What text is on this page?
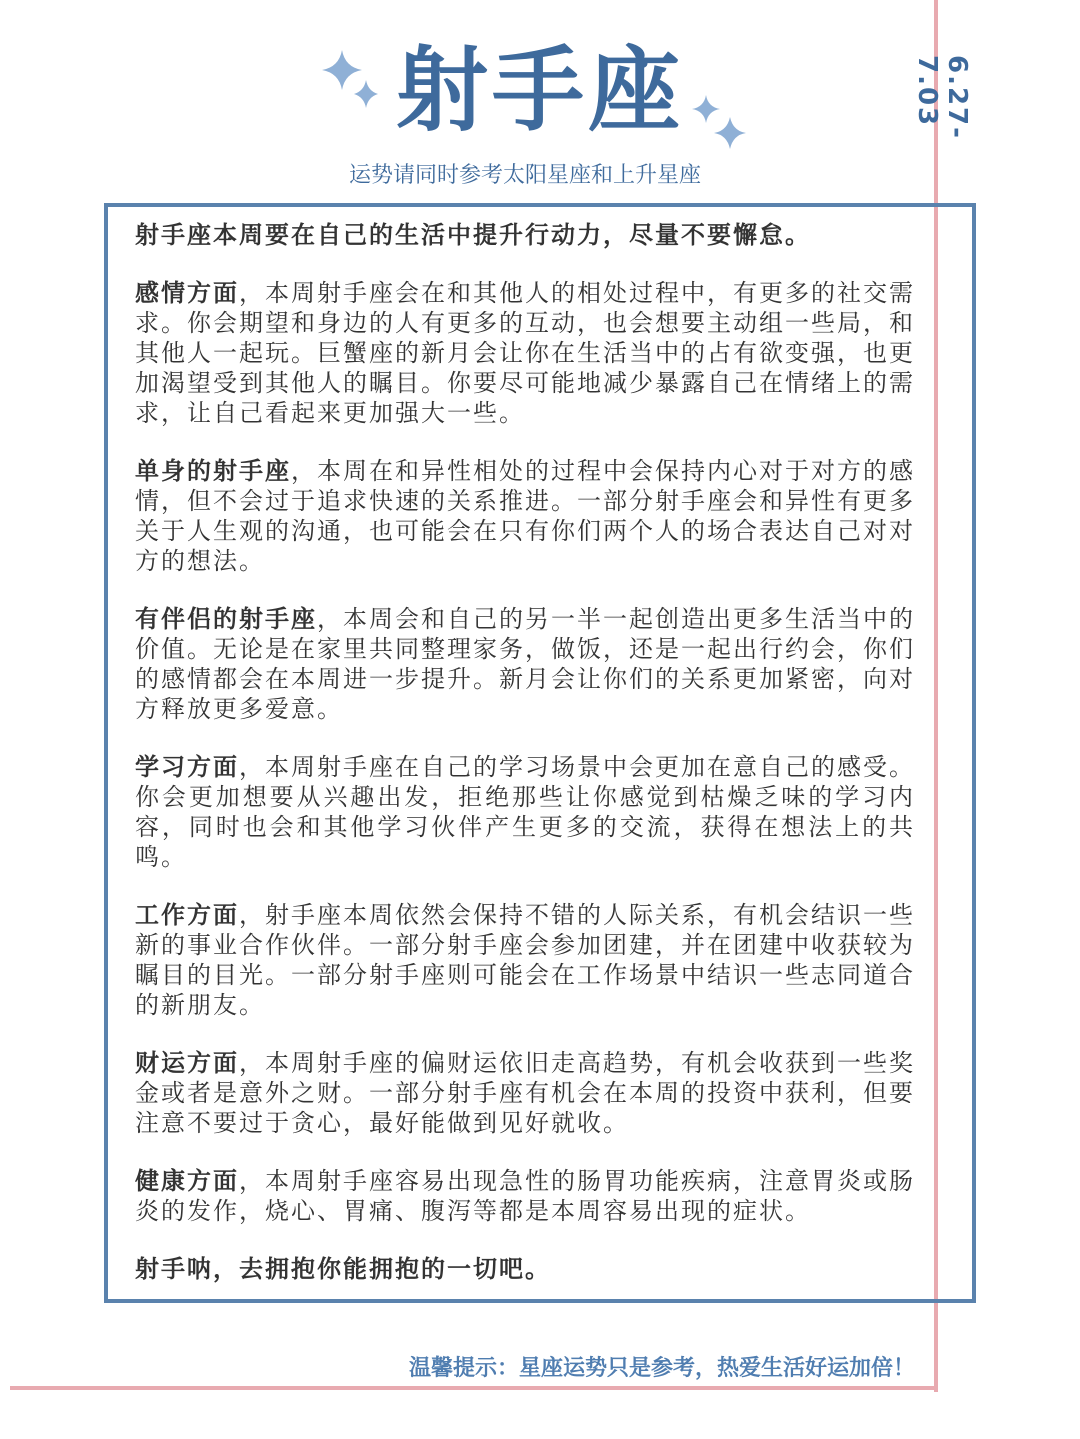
6.27-7.03
射手座
运势请同时参考太阳星座和上升星座

射手座本周要在自己的生活中提升行动力，尽量不要懈怠。

感情方面，本周射手座会在和其他人的相处过程中，有更多的社交需求。你会期望和身边的人有更多的互动，也会想要主动组一些局，和其他人一起玩。巨蟹座的新月会让你在生活当中的占有欲变强，也更加渴望受到其他人的瞩目。你要尽可能地减少暴露自己在情绪上的需求，让自己看起来更加强大一些。

单身的射手座，本周在和异性相处的过程中会保持内心对于对方的感情，但不会过于追求快速的关系推进。一部分射手座会和异性有更多关于人生观的沟通，也可能会在只有你们两个人的场合表达自己对对方的想法。

有伴侣的射手座，本周会和自己的另一半一起创造出更多生活当中的价值。无论是在家里共同整理家务，做饭，还是一起出行约会，你们的感情都会在本周进一步提升。新月会让你们的关系更加紧密，向对方释放更多爱意。

学习方面，本周射手座在自己的学习场景中会更加在意自己的感受。你会更加想要从兴趣出发，拒绝那些让你感觉到枯燥乏味的学习内容，同时也会和其他学习伙伴产生更多的交流，获得在想法上的共鸣。

工作方面，射手座本周依然会保持不错的人际关系，有机会结识一些新的事业合作伙伴。一部分射手座会参加团建，并在团建中收获较为瞩目的目光。一部分射手座则可能会在工作场景中结识一些志同道合的新朋友。

财运方面，本周射手座的偏财运依旧走高趋势，有机会收获到一些奖金或者是意外之财。一部分射手座有机会在本周的投资中获利，但要注意不要过于贪心，最好能做到见好就收。

健康方面，本周射手座容易出现急性的肠胃功能疾病，注意胃炎或肠炎的发作，烧心、胃痛、腹泻等都是本周容易出现的症状。

射手呐，去拥抱你能拥抱的一切吧。

温馨提示：星座运势只是参考，热爱生活好运加倍！
